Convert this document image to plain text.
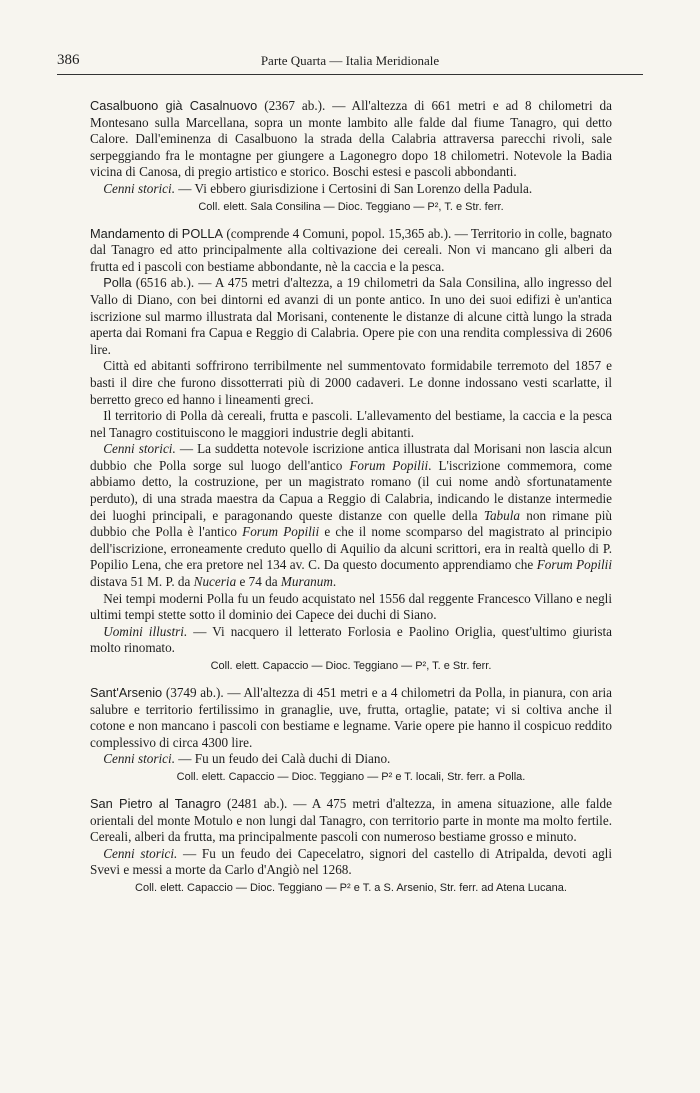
386	Parte Quarta — Italia Meridionale

Casalbuono già Casalnuovo (2367 ab.). — All'altezza di 661 metri e ad 8 chilometri da Montesano sulla Marcellana, sopra un monte lambito alle falde dal fiume Tanagro, qui detto Calore. Dall'eminenza di Casalbuono la strada della Calabria attraversa parecchi rivoli, sale serpeggiando fra le montagne per giungere a Lagonegro dopo 18 chilometri. Notevole la Badia vicina di Canosa, di pregio artistico e storico. Boschi estesi e pascoli abbondanti.

 Cenni storici. — Vi ebbero giurisdizione i Certosini di San Lorenzo della Padula.

Coll. elett. Sala Consilina — Dioc. Teggiano — P², T. e Str. ferr.

Mandamento di POLLA (comprende 4 Comuni, popol. 15,365 ab.). — Territorio in colle, bagnato dal Tanagro ed atto principalmente alla coltivazione dei cereali. Non vi mancano gli alberi da frutta ed i pascoli con bestiame abbondante, nè la caccia e la pesca.

 Polla (6516 ab.). — A 475 metri d'altezza, a 19 chilometri da Sala Consilina, allo ingresso del Vallo di Diano, con bei dintorni ed avanzi di un ponte antico. In uno dei suoi edifizi è un'antica iscrizione sul marmo illustrata dal Morisani, contenente le distanze di alcune città lungo la strada aperta dai Romani fra Capua e Reggio di Calabria. Opere pie con una rendita complessiva di 2606 lire.

 Città ed abitanti soffrirono terribilmente nel summentovato formidabile terremoto del 1857 e basti il dire che furono dissotterrati più di 2000 cadaveri. Le donne indossano vesti scarlatte, il berretto greco ed hanno i lineamenti greci.

 Il territorio di Polla dà cereali, frutta e pascoli. L'allevamento del bestiame, la caccia e la pesca nel Tanagro costituiscono le maggiori industrie degli abitanti.

 Cenni storici. — La suddetta notevole iscrizione antica illustrata dal Morisani non lascia alcun dubbio che Polla sorge sul luogo dell'antico Forum Popilii. L'iscrizione commemora, come abbiamo detto, la costruzione, per un magistrato romano (il cui nome andò sfortunatamente perduto), di una strada maestra da Capua a Reggio di Calabria, indicando le distanze intermedie dei luoghi principali, e paragonando queste distanze con quelle della Tabula non rimane più dubbio che Polla è l'antico Forum Popilii e che il nome scomparso del magistrato al principio dell'iscrizione, erroneamente creduto quello di Aquilio da alcuni scrittori, era in realtà quello di P. Popilio Lena, che era pretore nel 134 av. C. Da questo documento apprendiamo che Forum Popilii distava 51 M. P. da Nuceria e 74 da Muranum.

 Nei tempi moderni Polla fu un feudo acquistato nel 1556 dal reggente Francesco Villano e negli ultimi tempi stette sotto il dominio dei Capece dei duchi di Siano.

 Uomini illustri. — Vi nacquero il letterato Forlosia e Paolino Origlia, quest'ultimo giurista molto rinomato.

Coll. elett. Capaccio — Dioc. Teggiano — P², T. e Str. ferr.

Sant'Arsenio (3749 ab.). — All'altezza di 451 metri e a 4 chilometri da Polla, in pianura, con aria salubre e territorio fertilissimo in granaglie, uve, frutta, ortaglie, patate; vi si coltiva anche il cotone e non mancano i pascoli con bestiame e legname. Varie opere pie hanno il cospicuo reddito complessivo di circa 4300 lire.

 Cenni storici. — Fu un feudo dei Calà duchi di Diano.

Coll. elett. Capaccio — Dioc. Teggiano — P² e T. locali, Str. ferr. a Polla.

San Pietro al Tanagro (2481 ab.). — A 475 metri d'altezza, in amena situazione, alle falde orientali del monte Motulo e non lungi dal Tanagro, con territorio parte in monte ma molto fertile. Cereali, alberi da frutta, ma principalmente pascoli con numeroso bestiame grosso e minuto.

 Cenni storici. — Fu un feudo dei Capecelatro, signori del castello di Atripalda, devoti agli Svevi e messi a morte da Carlo d'Angiò nel 1268.

Coll. elett. Capaccio — Dioc. Teggiano — P² e T. a S. Arsenio, Str. ferr. ad Atena Lucana.
